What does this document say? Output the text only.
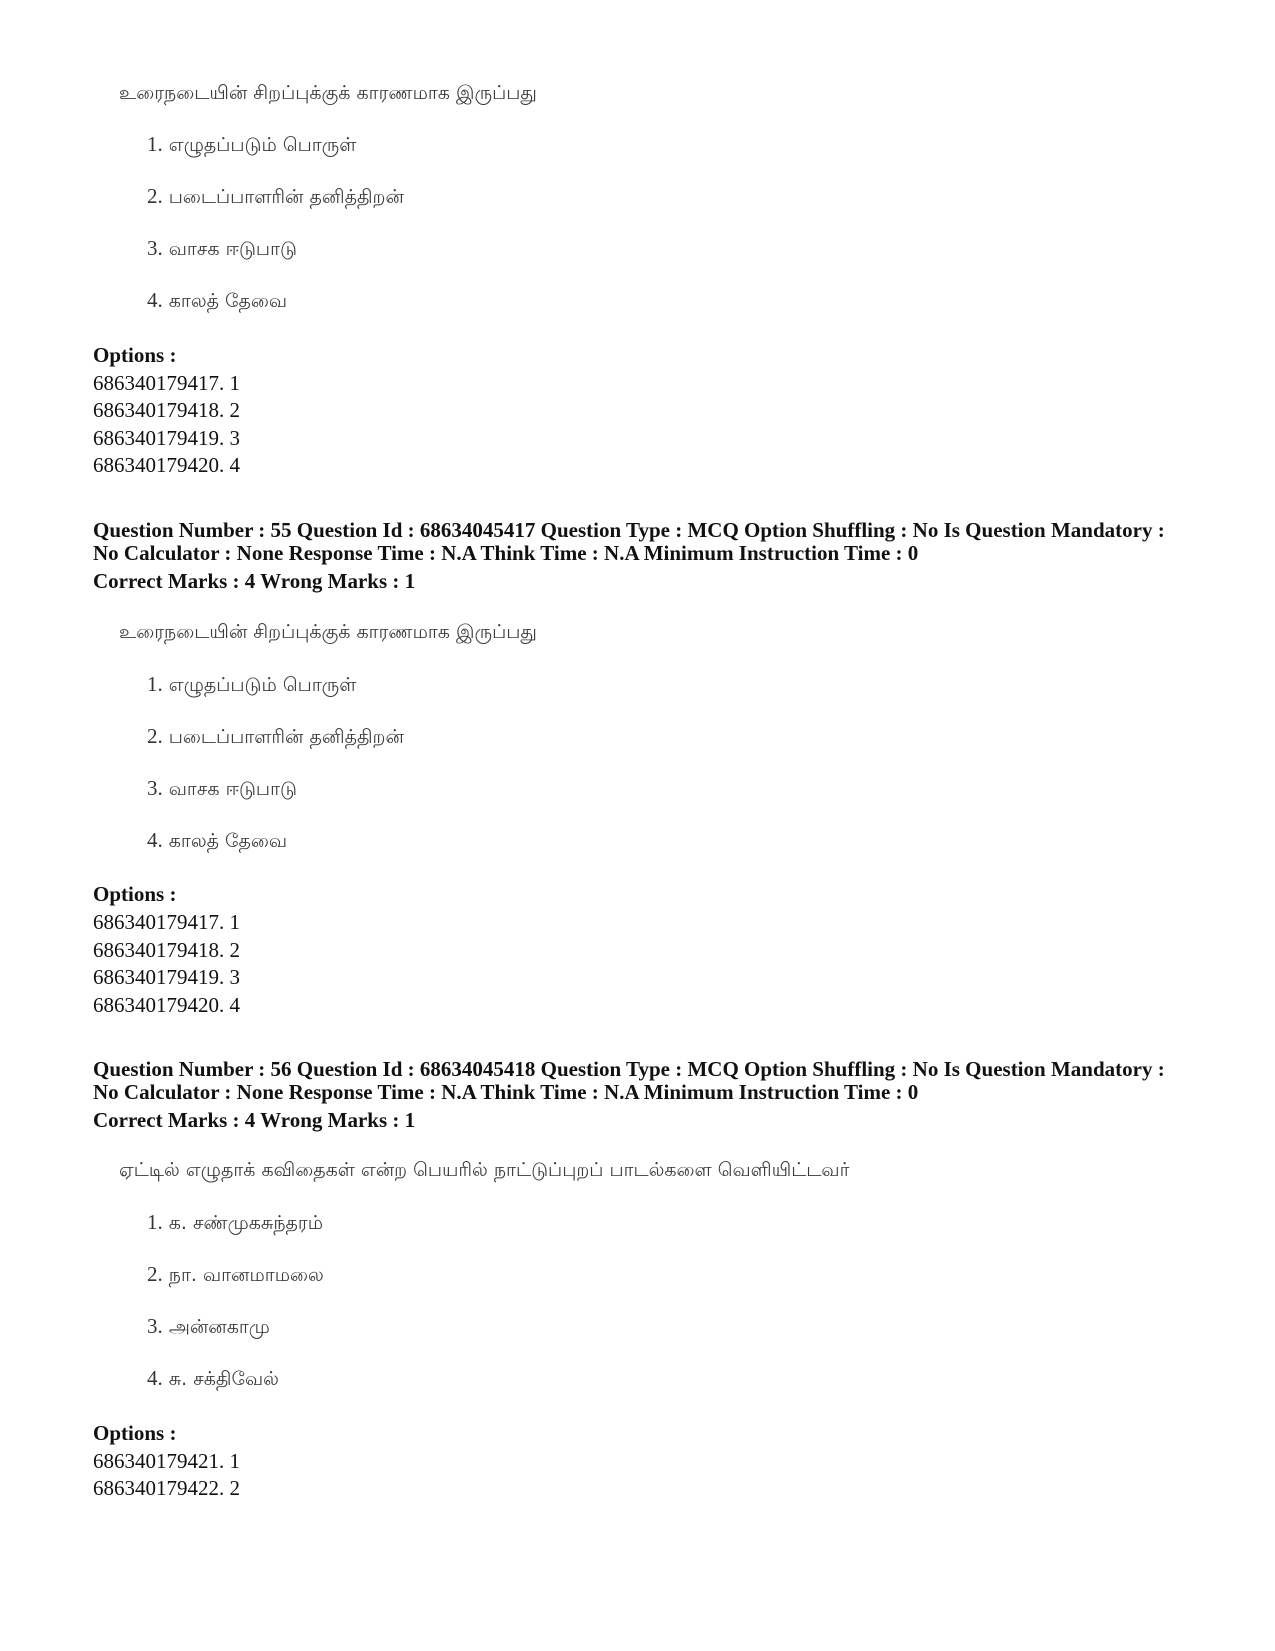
உரைநடையின் சிறப்புக்குக் காரணமாக இருப்பது
1. எழுதப்படும் பொருள்
2. படைப்பாளரின் தனித்திறன்
3. வாசக ஈடுபாடு
4. காலத் தேவை
Options :
686340179417. 1
686340179418. 2
686340179419. 3
686340179420. 4
Question Number : 55 Question Id : 68634045417 Question Type : MCQ Option Shuffling : No Is Question Mandatory :
No Calculator : None Response Time : N.A Think Time : N.A Minimum Instruction Time : 0
Correct Marks : 4 Wrong Marks : 1
உரைநடையின் சிறப்புக்குக் காரணமாக இருப்பது
1. எழுதப்படும் பொருள்
2. படைப்பாளரின் தனித்திறன்
3. வாசக ஈடுபாடு
4. காலத் தேவை
Options :
686340179417. 1
686340179418. 2
686340179419. 3
686340179420. 4
Question Number : 56 Question Id : 68634045418 Question Type : MCQ Option Shuffling : No Is Question Mandatory :
No Calculator : None Response Time : N.A Think Time : N.A Minimum Instruction Time : 0
Correct Marks : 4 Wrong Marks : 1
ஏட்டில் எழுதாக் கவிதைகள் என்ற பெயரில் நாட்டுப்புறப் பாடல்களை வெளியிட்டவர்
1. க. சண்முகசுந்தரம்
2. நா. வானமாமலை
3. அன்னகாமு
4. சு. சக்திவேல்
Options :
686340179421. 1
686340179422. 2
